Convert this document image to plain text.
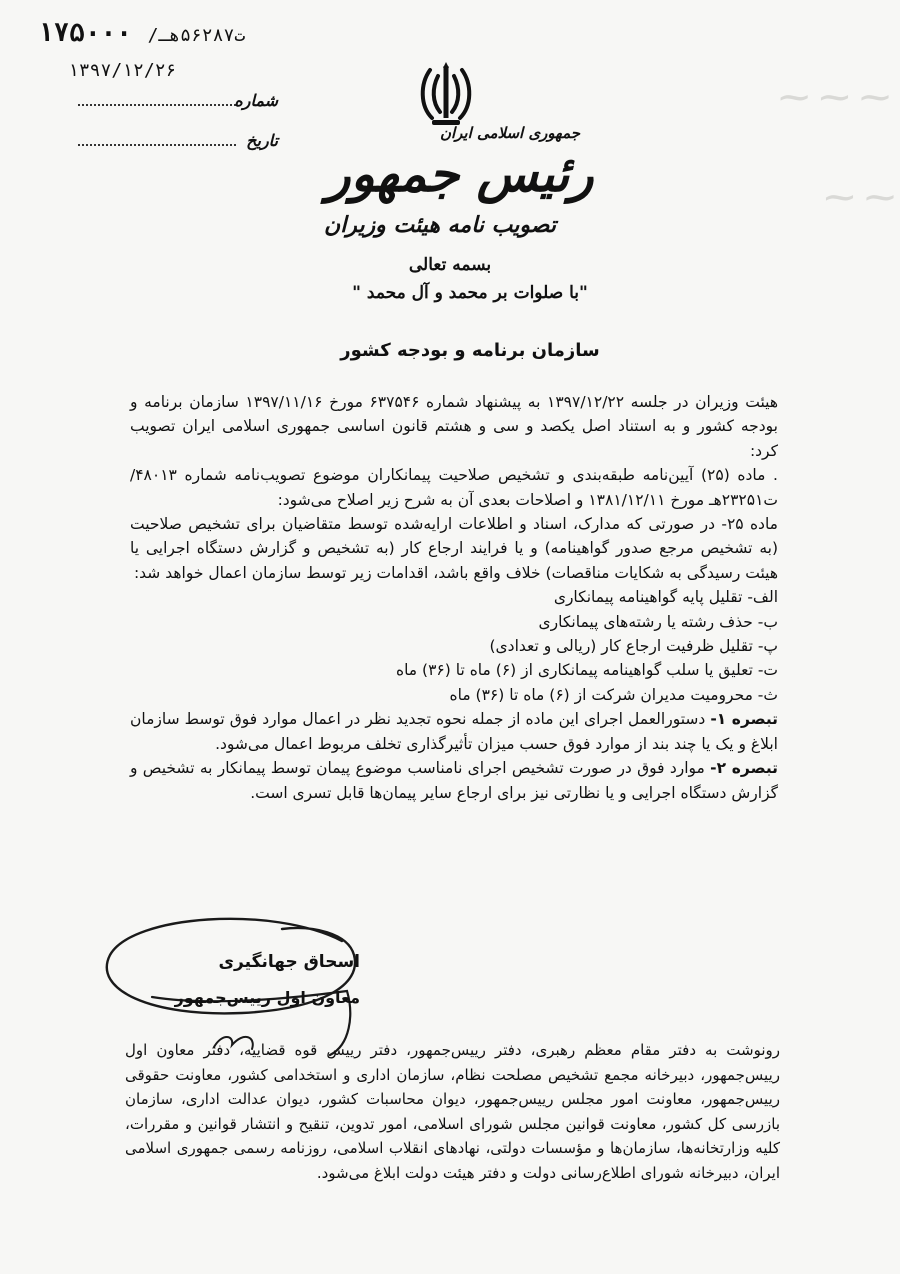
⁓ ⁓ ⁓
⁓ ⁓
۱۷۵۰۰۰ /ت۵۶۲۸۷هـ
۱۳۹۷/۱۲/۲۶
شماره
تاریخ	جمهوری اسلامی ایران
رئیس جمهور
تصویب نامه هیئت وزیران
بسمه تعالی
"با صلوات بر محمد و آل محمد "
سازمان برنامه و بودجه کشور

هیئت وزیران در جلسه ۱۳۹۷/۱۲/۲۲ به پیشنهاد شماره ۶۳۷۵۴۶ مورخ ۱۳۹۷/۱۱/۱۶ سازمان برنامه و بودجه کشور و به استناد اصل یکصد و سی و هشتم قانون اساسی جمهوری اسلامی ایران تصویب کرد:

. ماده (۲۵) آیین‌نامه طبقه‌بندی و تشخیص صلاحیت پیمانکاران موضوع تصویب‌نامه شماره ۴۸۰۱۳/ت۲۳۲۵۱هـ مورخ ۱۳۸۱/۱۲/۱۱ و اصلاحات بعدی آن به شرح زیر اصلاح می‌شود:

ماده ۲۵- در صورتی که مدارک، اسناد و اطلاعات ارایه‌شده توسط متقاضیان برای تشخیص صلاحیت (به تشخیص مرجع صدور گواهینامه) و یا فرایند ارجاع کار (به تشخیص و گزارش دستگاه اجرایی یا هیئت رسیدگی به شکایات مناقصات) خلاف واقع باشد، اقدامات زیر توسط سازمان اعمال خواهد شد:

الف- تقلیل پایه گواهینامه پیمانکاری

ب- حذف رشته یا رشته‌های پیمانکاری

پ- تقلیل ظرفیت ارجاع کار (ریالی و تعدادی)

ت- تعلیق یا سلب گواهینامه پیمانکاری از (۶) ماه تا (۳۶) ماه

ث- محرومیت مدیران شرکت از (۶) ماه تا (۳۶) ماه

تبصره ۱- دستورالعمل اجرای این ماده از جمله نحوه تجدید نظر در اعمال موارد فوق توسط سازمان ابلاغ و یک یا چند بند از موارد فوق حسب میزان تأثیرگذاری تخلف مربوط اعمال می‌شود.

تبصره ۲- موارد فوق در صورت تشخیص اجرای نامناسب موضوع پیمان توسط پیمانکار به تشخیص و گزارش دستگاه اجرایی و یا نظارتی نیز برای ارجاع سایر پیمان‌ها قابل تسری است.

اسحاق جهانگیری
معاون اول رییس‌جمهور

رونوشت به دفتر مقام معظم رهبری، دفتر رییس‌جمهور، دفتر رییس قوه قضاییه، دفتر معاون اول رییس‌جمهور، دبیرخانه مجمع تشخیص مصلحت نظام، سازمان اداری و استخدامی کشور، معاونت حقوقی رییس‌جمهور، معاونت امور مجلس رییس‌جمهور، دیوان محاسبات کشور، دیوان عدالت اداری، سازمان بازرسی کل کشور، معاونت قوانین مجلس شورای اسلامی، امور تدوین، تنقیح و انتشار قوانین و مقررات، کلیه وزارتخانه‌ها، سازمان‌ها و مؤسسات دولتی، نهادهای انقلاب اسلامی، روزنامه رسمی جمهوری اسلامی ایران، دبیرخانه شورای اطلاع‌رسانی دولت و دفتر هیئت دولت ابلاغ می‌شود.
